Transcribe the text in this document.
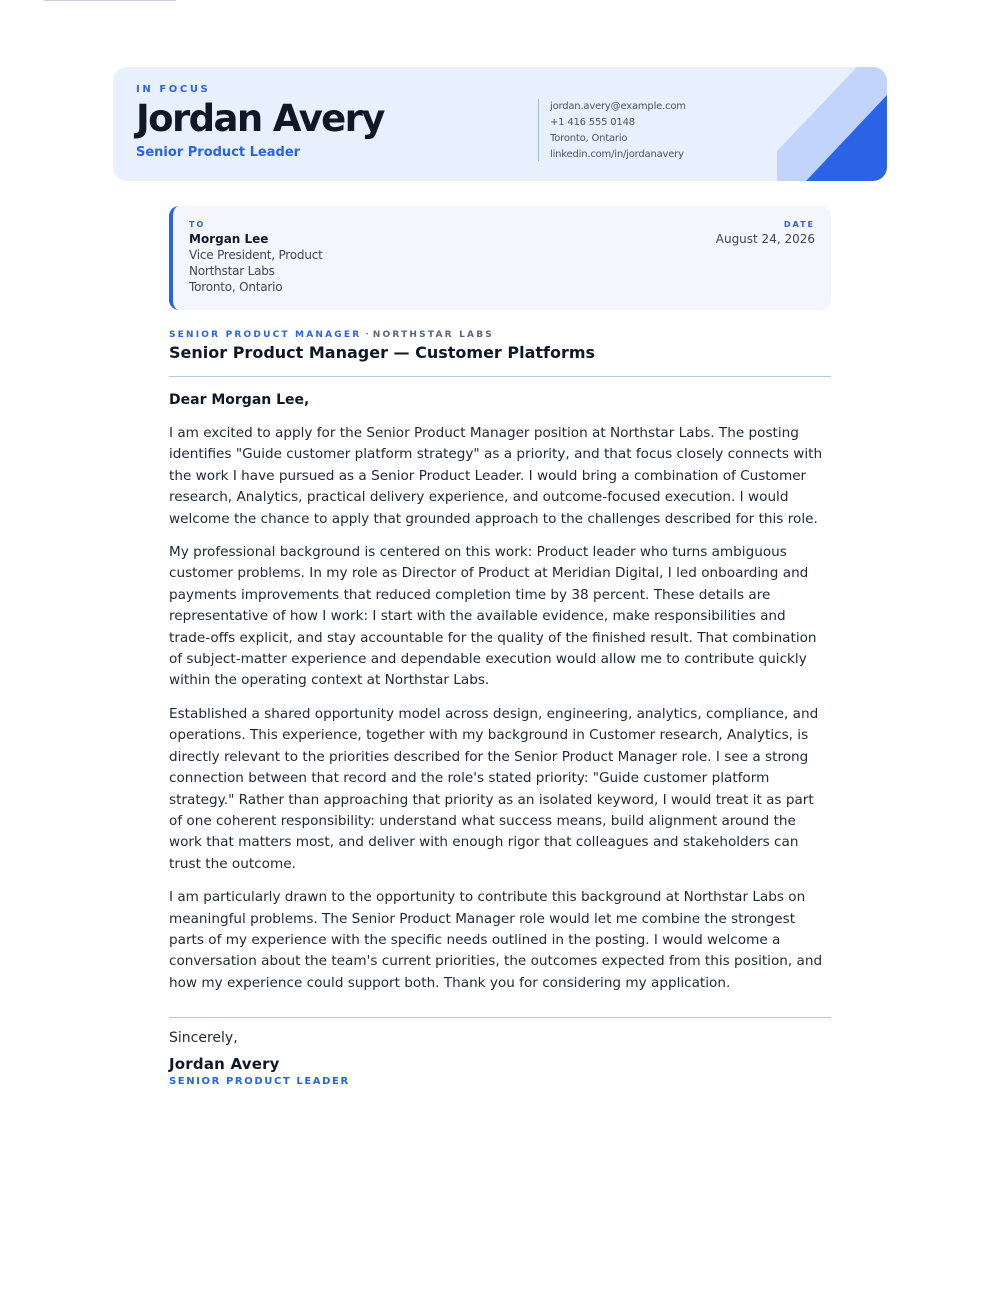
IN FOCUS
Jordan Avery
Senior Product Leader
jordan.avery@example.com
+1 416 555 0148
Toronto, Ontario
linkedin.com/in/jordanavery
TO
Morgan Lee
Vice President, Product
Northstar Labs
Toronto, Ontario
DATE
August 24, 2026
SENIOR PRODUCT MANAGER · NORTHSTAR LABS
Senior Product Manager — Customer Platforms
Dear Morgan Lee,

I am excited to apply for the Senior Product Manager position at Northstar Labs. The posting identifies "Guide customer platform strategy" as a priority, and that focus closely connects with the work I have pursued as a Senior Product Leader. I would bring a combination of Customer research, Analytics, practical delivery experience, and outcome-focused execution. I would welcome the chance to apply that grounded approach to the challenges described for this role.

My professional background is centered on this work: Product leader who turns ambiguous customer problems. In my role as Director of Product at Meridian Digital, I led onboarding and payments improvements that reduced completion time by 38 percent. These details are representative of how I work: I start with the available evidence, make responsibilities and trade-offs explicit, and stay accountable for the quality of the finished result. That combination of subject-matter experience and dependable execution would allow me to contribute quickly within the operating context at Northstar Labs.

Established a shared opportunity model across design, engineering, analytics, compliance, and operations. This experience, together with my background in Customer research, Analytics, is directly relevant to the priorities described for the Senior Product Manager role. I see a strong connection between that record and the role's stated priority: "Guide customer platform strategy." Rather than approaching that priority as an isolated keyword, I would treat it as part of one coherent responsibility: understand what success means, build alignment around the work that matters most, and deliver with enough rigor that colleagues and stakeholders can trust the outcome.

I am particularly drawn to the opportunity to contribute this background at Northstar Labs on meaningful problems. The Senior Product Manager role would let me combine the strongest parts of my experience with the specific needs outlined in the posting. I would welcome a conversation about the team's current priorities, the outcomes expected from this position, and how my experience could support both. Thank you for considering my application.

Sincerely,
Jordan Avery
SENIOR PRODUCT LEADER
